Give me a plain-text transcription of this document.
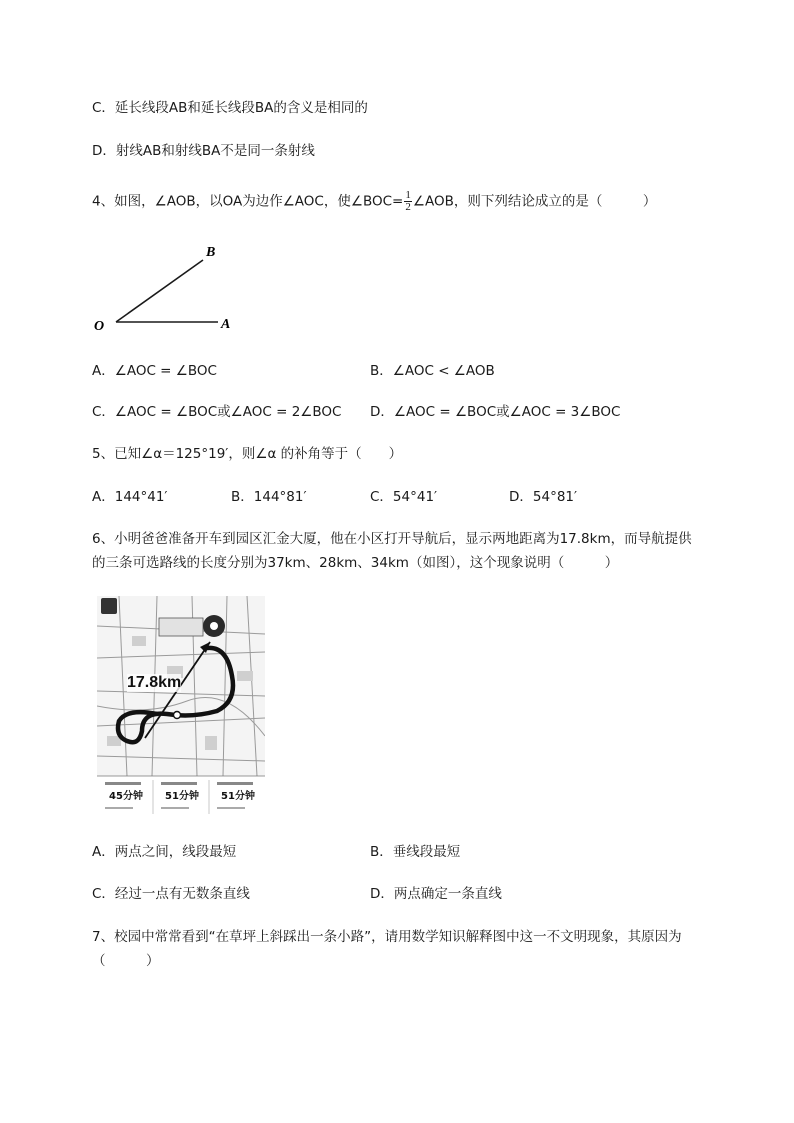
C．延长线段AB和延长线段BA的含义是相同的
D．射线AB和射线BA不是同一条射线
4、如图，∠AOB，以OA为边作∠AOC，使∠BOC= $\frac{1}{2}$ ∠AOB，则下列结论成立的是（　　　）
B
O	A
A．∠AOC = ∠BOC	B．∠AOC < ∠AOB
C．∠AOC = ∠BOC或∠AOC = 2∠BOC D．∠AOC = ∠BOC或∠AOC = 3∠BOC
5、已知∠α＝125°19′，则∠α 的补角等于（　　）
A．144°41′	B．144°81′	C．54°41′	D．54°81′
6、小明爸爸准备开车到园区汇金大厦，他在小区打开导航后，显示两地距离为17.8km，而导航提供
的三条可选路线的长度分别为37km、28km、34km（如图），这个现象说明（　　　）
17.8km
45分钟	51分钟	51分钟
A．两点之间，线段最短	B．垂线段最短
C．经过一点有无数条直线	D．两点确定一条直线
7、校园中常常看到“在草坪上斜踩出一条小路”，请用数学知识解释图中这一不文明现象，其原因为
（　　　）
